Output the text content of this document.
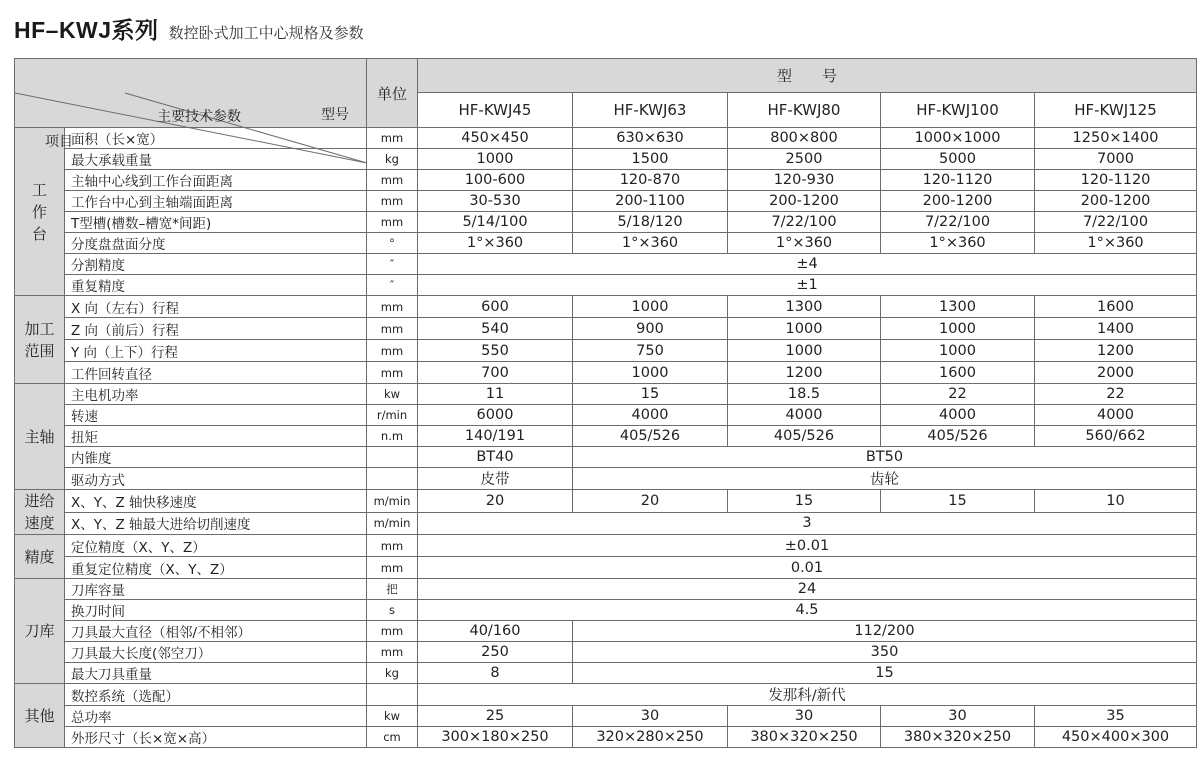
HF–KWJ系列 数控卧式加工中心规格及参数
主要技术参数 型号
项目		单位	型　　号				
			HF-KWJ45	HF-KWJ63	HF-KWJ80	HF-KWJ100	HF-KWJ125
工
作
台	面积（长×宽）	mm	450×450	630×630	800×800	1000×1000	1250×1400
	最大承载重量	kg	1000	1500	2500	5000	7000
	主轴中心线到工作台面距离	mm	100-600	120-870	120-930	120-1120	120-1120
	工作台中心到主轴端面距离	mm	30-530	200-1100	200-1200	200-1200	200-1200
	T型槽(槽数–槽宽*间距)	mm	5/14/100	5/18/120	7/22/100	7/22/100	7/22/100
	分度盘盘面分度	°	1°×360	1°×360	1°×360	1°×360	1°×360
	分割精度	″	±4				
	重复精度	″	±1				
加工
范围	X 向（左右）行程	mm	600	1000	1300	1300	1600
	Z 向（前后）行程	mm	540	900	1000	1000	1400
	Y 向（上下）行程	mm	550	750	1000	1000	1200
	工件回转直径	mm	700	1000	1200	1600	2000
主轴	主电机功率	kw	11	15	18.5	22	22
	转速	r/min	6000	4000	4000	4000	4000
	扭矩	n.m	140/191	405/526	405/526	405/526	560/662
	内锥度		BT40	BT50			
	驱动方式		皮带	齿轮			
进给
速度	X、Y、Z 轴快移速度	m/min	20	20	15	15	10
	X、Y、Z 轴最大进给切削速度	m/min	3				
精度	定位精度（X、Y、Z）	mm	±0.01				
	重复定位精度（X、Y、Z）	mm	0.01				
刀库	刀库容量	把	24				
	换刀时间	s	4.5				
	刀具最大直径（相邻/不相邻）	mm	40/160	112/200			
	刀具最大长度(邻空刀）	mm	250	350			
	最大刀具重量	kg	8	15			
其他	数控系统（选配）		发那科/新代				
	总功率	kw	25	30	30	30	35
	外形尺寸（长×宽×高）	cm	300×180×250	320×280×250	380×320×250	380×320×250	450×400×300
